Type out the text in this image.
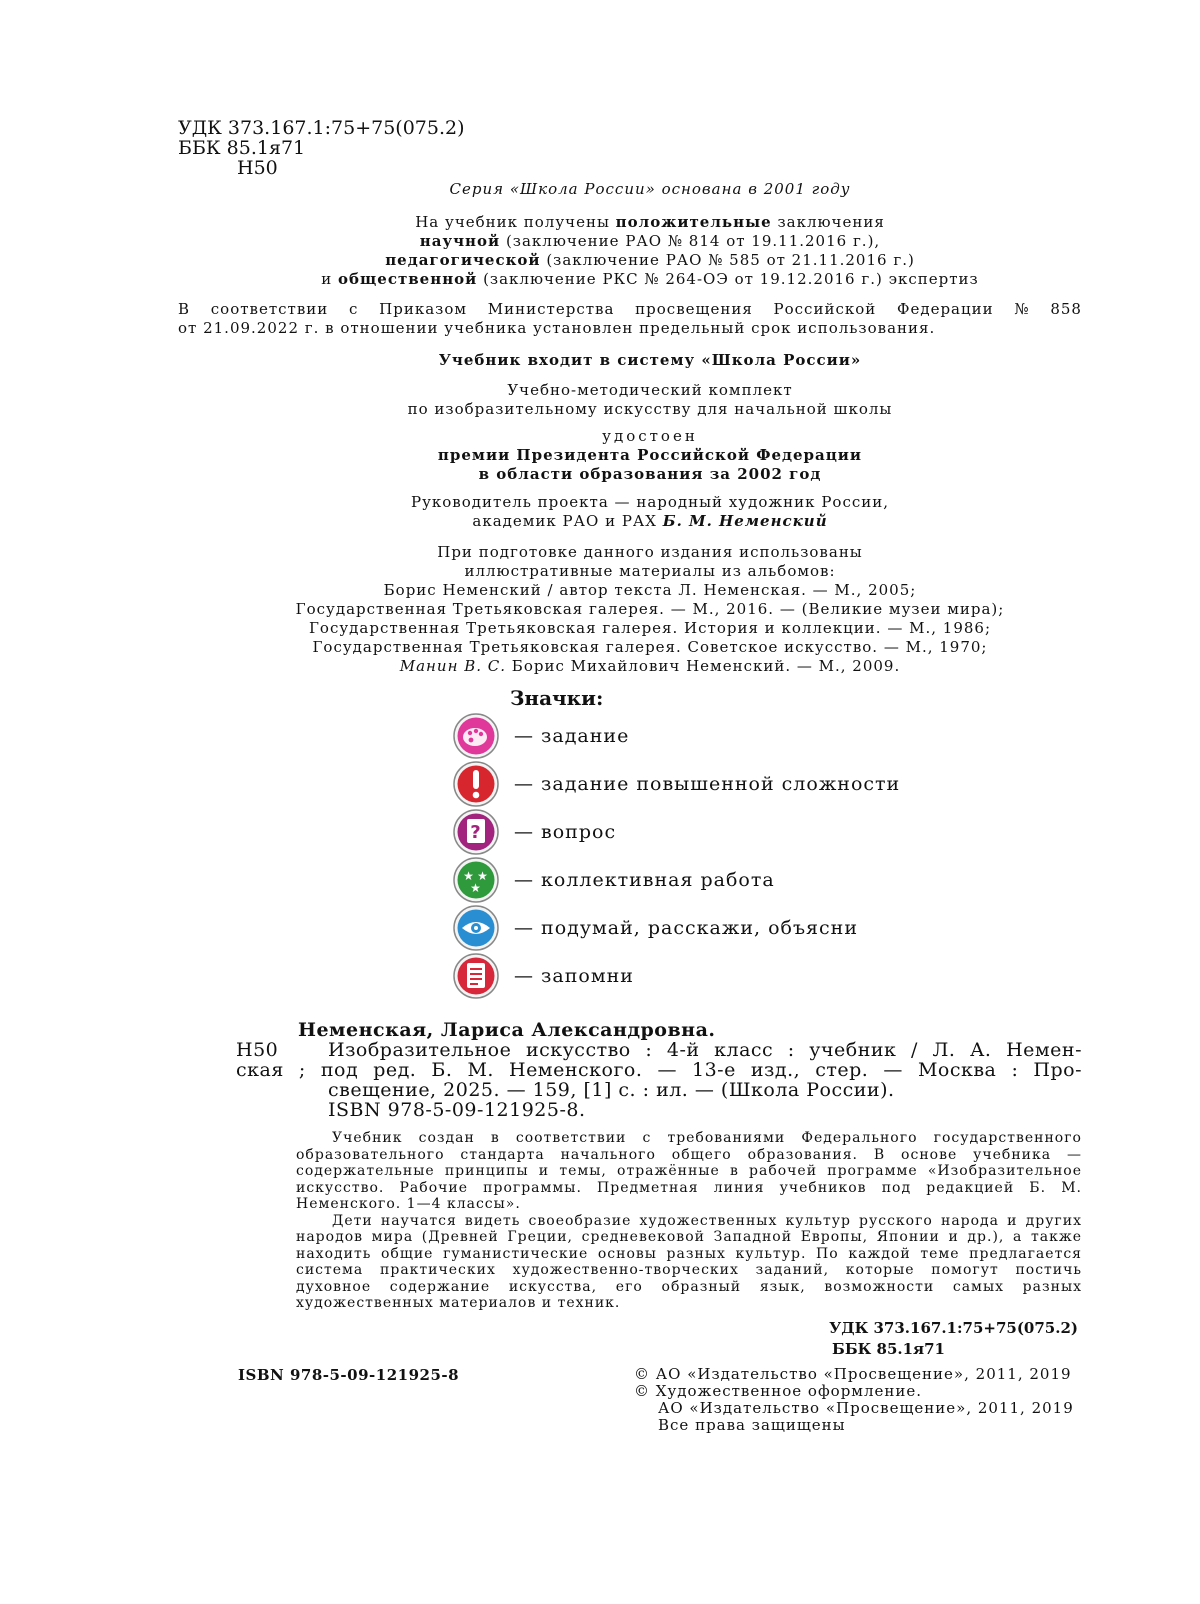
УДК 373.167.1:75+75(075.2)
ББК 85.1я71
Н50
Серия «Школа России» основана в 2001 году
На учебник получены положительные заключения
научной (заключение РАО № 814 от 19.11.2016 г.),
педагогической (заключение РАО № 585 от 21.11.2016 г.)
и общественной (заключение РКС № 264-ОЭ от 19.12.2016 г.) экспертиз
В соответствии с Приказом Министерства просвещения Российской Федерации № 858
от 21.09.2022 г. в отношении учебника установлен предельный срок использования.
Учебник входит в систему «Школа России»
Учебно-методический комплект
по изобразительному искусству для начальной школы
удостоен
премии Президента Российской Федерации
в области образования за 2002 год
Руководитель проекта — народный художник России,
академик РАО и РАХ Б. М. Неменский
При подготовке данного издания использованы
иллюстративные материалы из альбомов:
Борис Неменский / автор текста Л. Неменская. — М., 2005;
Государственная Третьяковская галерея. — М., 2016. — (Великие музеи мира);
Государственная Третьяковская галерея. История и коллекции. — М., 1986;
Государственная Третьяковская галерея. Советское искусство. — М., 1970;
Манин В. С. Борис Михайлович Неменский. — М., 2009.
Значки:
— задание
— задание повышенной сложности
? — вопрос
★ ★
★ — коллективная работа
— подумай, расскажи, объясни
— запомни
Неменская, Лариса Александровна.
Н50	Изобразительное искусство : 4-й класс : учебник / Л. А. Немен-
ская ; под ред. Б. М. Неменского. — 13-е изд., стер. — Москва : Про-
свещение, 2025. — 159, [1] с. : ил. — (Школа России).
ISBN 978-5-09-121925-8.

Учебник создан в соответствии с требованиями Федерального государственного образовательного стандарта начального общего образования. В основе учебника — содержательные принципы и темы, отражённые в рабочей программе «Изобразительное искусство. Рабочие программы. Предметная линия учебников под редакцией Б. М. Неменского. 1—4 классы».

Дети научатся видеть своеобразие художественных культур русского народа и других народов мира (Древней Греции, средневековой Западной Европы, Японии и др.), а также находить общие гуманистические основы разных культур. По каждой теме предлагается система практических художественно-творческих заданий, которые помогут постичь духовное содержание искусства, его образный язык, возможности самых разных художественных материалов и техник.

УДК 373.167.1:75+75(075.2)
ББК 85.1я71
ISBN 978-5-09-121925-8	© АО «Издательство «Просвещение», 2011, 2019
© Художественное оформление.
АО «Издательство «Просвещение», 2011, 2019
Все права защищены
